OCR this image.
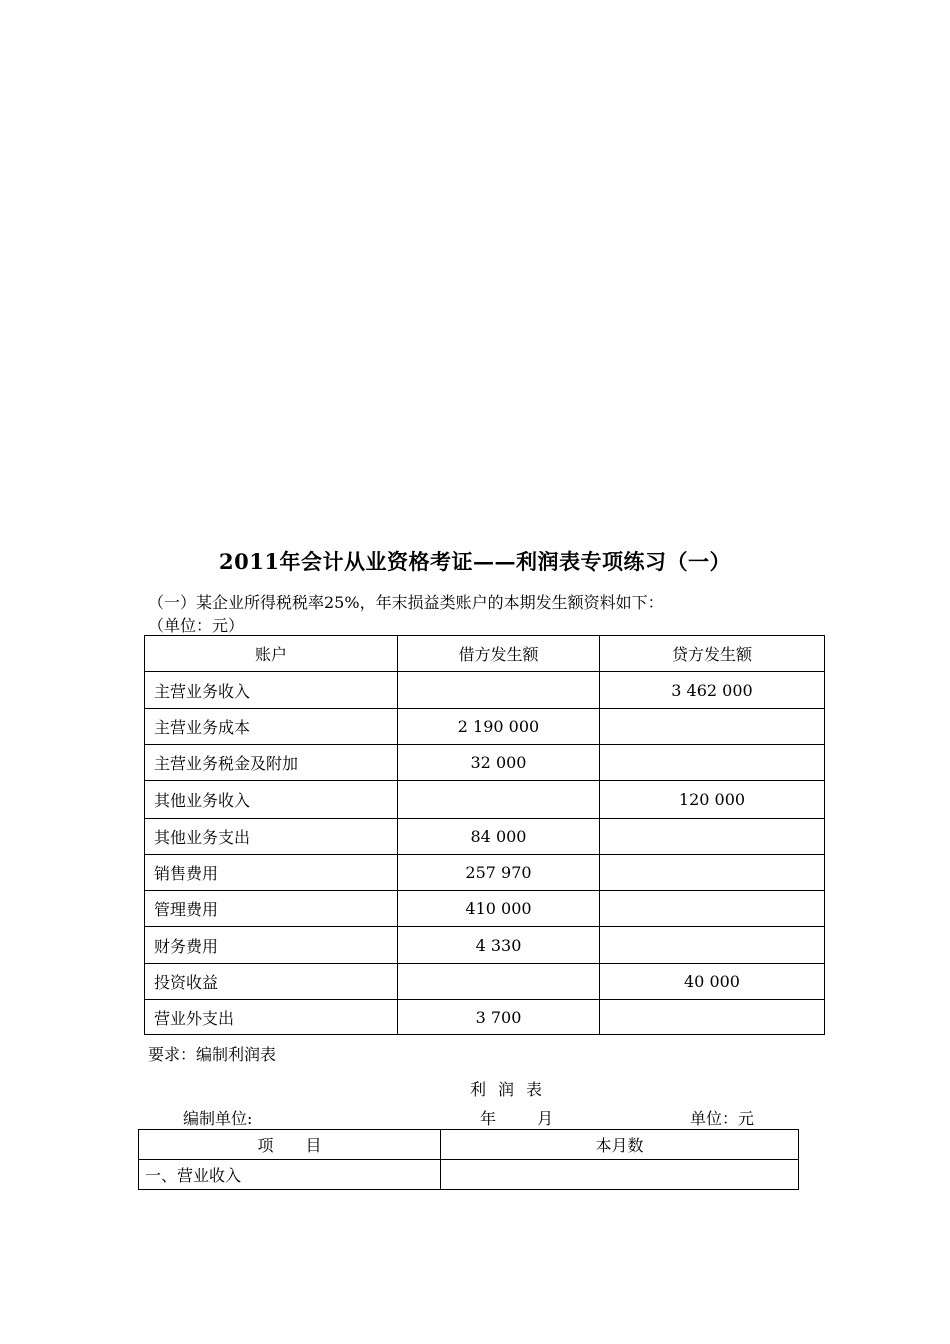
2011年会计从业资格考证——利润表专项练习（一）
（一）某企业所得税税率25%，年末损益类账户的本期发生额资料如下：
（单位：元）
账户	借方发生额	贷方发生额
主营业务收入		3 462 000
主营业务成本	2 190 000	
主营业务税金及附加	32 000	
其他业务收入		120 000
其他业务支出	84 000	
销售费用	257 970	
管理费用	410 000	
财务费用	4 330	
投资收益		40 000
营业外支出	3 700	
要求：编制利润表
利润表
编制单位:	年	月	单位：元
项　　目	本月数
一、营业收入	
